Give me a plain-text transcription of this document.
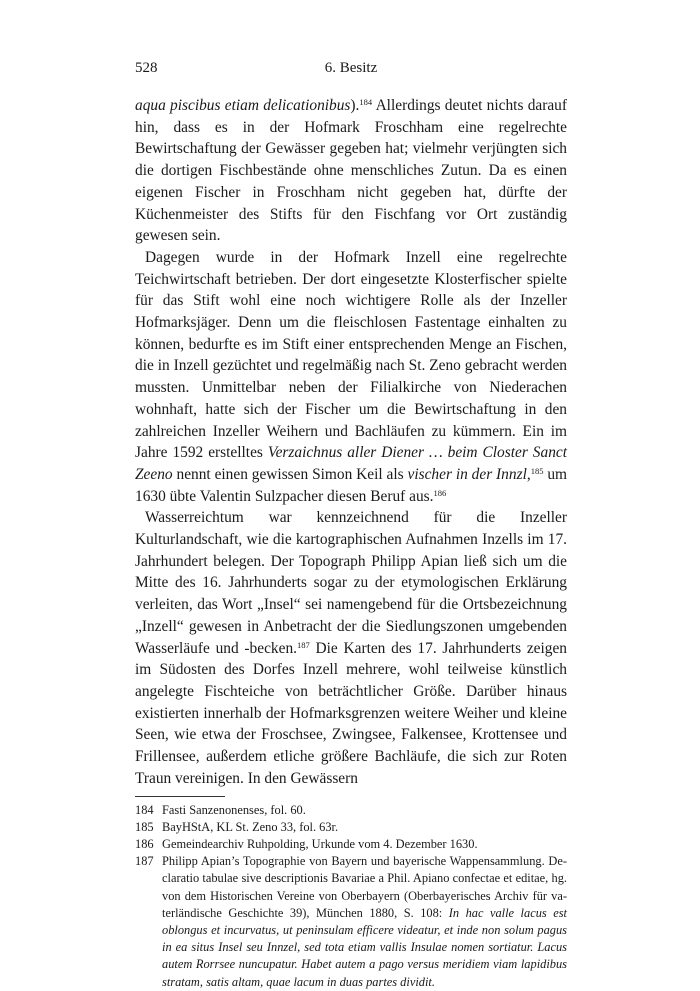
528	6. Besitz

aqua piscibus etiam delicationibus).$^{184}$ Allerdings deutet nichts darauf hin, dass es in der Hofmark Froschham eine regelrechte Bewirtschaftung der Gewässer gegeben hat; vielmehr verjüngten sich die dortigen Fischbestände ohne menschliches Zutun. Da es einen eigenen Fischer in Froschham nicht gegeben hat, dürfte der Küchenmeister des Stifts für den Fischfang vor Ort zuständig gewesen sein.

Dagegen wurde in der Hofmark Inzell eine regelrechte Teichwirtschaft betrieben. Der dort eingesetzte Klosterfischer spielte für das Stift wohl eine noch wichtigere Rolle als der Inzeller Hofmarksjäger. Denn um die fleischlosen Fastentage einhalten zu können, bedurfte es im Stift einer entsprechenden Menge an Fischen, die in Inzell gezüchtet und regelmäßig nach St. Zeno gebracht werden mussten. Unmittelbar neben der Filialkirche von Niederachen wohnhaft, hatte sich der Fischer um die Bewirtschaftung in den zahlreichen Inzeller Weihern und Bachläufen zu kümmern. Ein im Jahre 1592 erstelltes Verzaichnus aller Diener … beim Closter Sanct Zeeno nennt einen gewissen Simon Keil als vischer in der Innzl,$^{185}$ um 1630 übte Valentin Sulzpacher diesen Beruf aus.$^{186}$

Wasserreichtum war kennzeichnend für die Inzeller Kulturlandschaft, wie die kartographischen Aufnahmen Inzells im 17. Jahrhundert belegen. Der Topograph Philipp Apian ließ sich um die Mitte des 16. Jahrhunderts sogar zu der etymologischen Erklärung verleiten, das Wort „Insel“ sei namengebend für die Ortsbezeichnung „Inzell“ gewesen in Anbetracht der die Siedlungszonen umgebenden Wasserläufe und -becken.$^{187}$ Die Karten des 17. Jahrhunderts zeigen im Südosten des Dorfes Inzell mehrere, wohl teilweise künstlich angelegte Fischteiche von beträchtlicher Größe. Darüber hinaus existierten innerhalb der Hofmarksgrenzen weitere Weiher und kleine Seen, wie etwa der Froschsee, Zwingsee, Falkensee, Krottensee und Frillensee, außerdem etliche größere Bachläufe, die sich zur Roten Traun vereinigen. In den Gewässern

184 Fasti Sanzenonenses, fol. 60.
185 BayHStA, KL St. Zeno 33, fol. 63r.
186 Gemeindearchiv Ruhpolding, Urkunde vom 4. Dezember 1630.
187 Philipp Apian’s Topographie von Bayern und bayerische Wappensammlung. Declaratio tabulae sive descriptionis Bavariae a Phil. Apiano confectae et editae, hg. von dem Historischen Vereine von Oberbayern (Oberbayerisches Archiv für vaterländische Geschichte 39), München 1880, S. 108: In hac valle lacus est oblongus et incurvatus, ut peninsulam efficere videatur, et inde non solum pagus in ea situs Insel seu Innzel, sed tota etiam vallis Insulae nomen sortiatur. Lacus autem Rorrsee nuncupatur. Habet autem a pago versus meridiem viam lapidibus stratam, satis altam, quae lacum in duas partes dividit.
